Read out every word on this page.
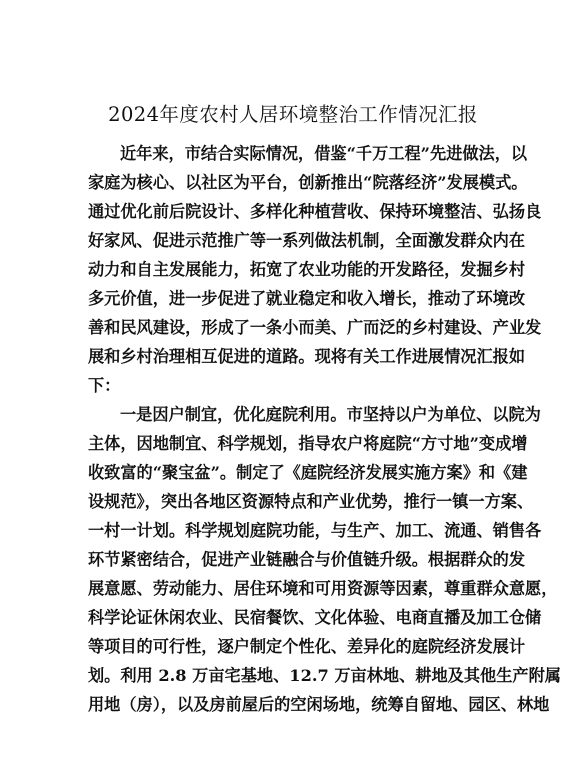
2024年度农村人居环境整治工作情况汇报
近年来，市结合实际情况，借鉴“千万工程”先进做法，以
家庭为核心、以社区为平台，创新推出“院落经济”发展模式。
通过优化前后院设计、多样化种植营收、保持环境整洁、弘扬良
好家风、促进示范推广等一系列做法机制，全面激发群众内在
动力和自主发展能力，拓宽了农业功能的开发路径，发掘乡村
多元价值，进一步促进了就业稳定和收入增长，推动了环境改
善和民风建设，形成了一条小而美、广而泛的乡村建设、产业发
展和乡村治理相互促进的道路。现将有关工作进展情况汇报如
下：
一是因户制宜，优化庭院利用。市坚持以户为单位、以院为
主体，因地制宜、科学规划，指导农户将庭院“方寸地”变成增
收致富的“聚宝盆”。制定了《庭院经济发展实施方案》和《建
设规范》，突出各地区资源特点和产业优势，推行一镇一方案、
一村一计划。科学规划庭院功能，与生产、加工、流通、销售各
环节紧密结合，促进产业链融合与价值链升级。根据群众的发
展意愿、劳动能力、居住环境和可用资源等因素，尊重群众意愿，
科学论证休闲农业、民宿餐饮、文化体验、电商直播及加工仓储
等项目的可行性，逐户制定个性化、差异化的庭院经济发展计
划。利用 2.8 万亩宅基地、12.7 万亩林地、耕地及其他生产附属
用地（房），以及房前屋后的空闲场地，统筹自留地、园区、林地
